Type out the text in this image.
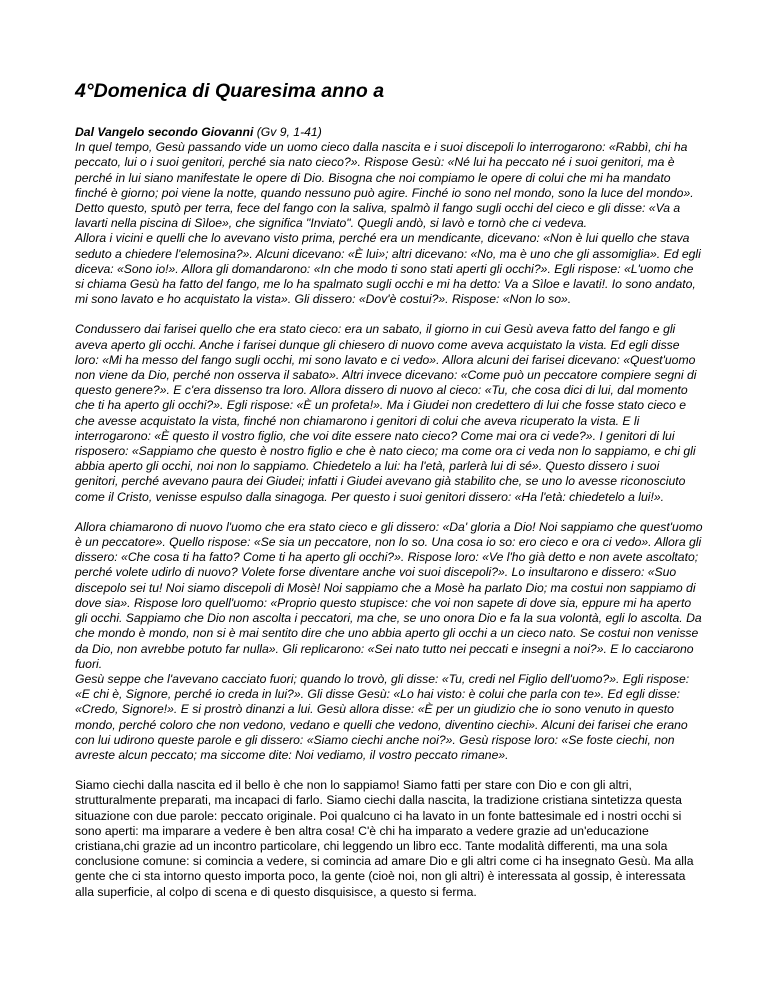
4°Domenica di Quaresima anno a
Dal Vangelo secondo Giovanni (Gv 9, 1-41)
In quel tempo, Gesù passando vide un uomo cieco dalla nascita e i suoi discepoli lo interrogarono: «Rabbì, chi ha peccato, lui o i suoi genitori, perché sia nato cieco?». Rispose Gesù: «Né lui ha peccato né i suoi genitori, ma è perché in lui siano manifestate le opere di Dio. Bisogna che noi compiamo le opere di colui che mi ha mandato finché è giorno; poi viene la notte, quando nessuno può agire. Finché io sono nel mondo, sono la luce del mondo».
Detto questo, sputò per terra, fece del fango con la saliva, spalmò il fango sugli occhi del cieco e gli disse: «Va a lavarti nella piscina di Sìloe», che significa "Inviato". Quegli andò, si lavò e tornò che ci vedeva.
Allora i vicini e quelli che lo avevano visto prima, perché era un mendicante, dicevano: «Non è lui quello che stava seduto a chiedere l'elemosina?». Alcuni dicevano: «È lui»; altri dicevano: «No, ma è uno che gli assomiglia». Ed egli diceva: «Sono io!». Allora gli domandarono: «In che modo ti sono stati aperti gli occhi?». Egli rispose: «L'uomo che si chiama Gesù ha fatto del fango, me lo ha spalmato sugli occhi e mi ha detto: Va a Sìloe e lavati!. Io sono andato, mi sono lavato e ho acquistato la vista». Gli dissero: «Dov'è costui?». Rispose: «Non lo so».

Condussero dai farisei quello che era stato cieco: era un sabato, il giorno in cui Gesù aveva fatto del fango e gli aveva aperto gli occhi. Anche i farisei dunque gli chiesero di nuovo come aveva acquistato la vista. Ed egli disse loro: «Mi ha messo del fango sugli occhi, mi sono lavato e ci vedo». Allora alcuni dei farisei dicevano: «Quest'uomo non viene da Dio, perché non osserva il sabato». Altri invece dicevano: «Come può un peccatore compiere segni di questo genere?». E c'era dissenso tra loro. Allora dissero di nuovo al cieco: «Tu, che cosa dici di lui, dal momento che ti ha aperto gli occhi?». Egli rispose: «È un profeta!». Ma i Giudei non credettero di lui che fosse stato cieco e che avesse acquistato la vista, finché non chiamarono i genitori di colui che aveva ricuperato la vista. E li interrogarono: «È questo il vostro figlio, che voi dite essere nato cieco? Come mai ora ci vede?». I genitori di lui risposero: «Sappiamo che questo è nostro figlio e che è nato cieco; ma come ora ci veda non lo sappiamo, e chi gli abbia aperto gli occhi, noi non lo sappiamo. Chiedetelo a lui: ha l'età, parlerà lui di sé». Questo dissero i suoi genitori, perché avevano paura dei Giudei; infatti i Giudei avevano già stabilito che, se uno lo avesse riconosciuto come il Cristo, venisse espulso dalla sinagoga. Per questo i suoi genitori dissero: «Ha l'età: chiedetelo a lui!».

Allora chiamarono di nuovo l'uomo che era stato cieco e gli dissero: «Da' gloria a Dio! Noi sappiamo che quest'uomo è un peccatore». Quello rispose: «Se sia un peccatore, non lo so. Una cosa io so: ero cieco e ora ci vedo». Allora gli dissero: «Che cosa ti ha fatto? Come ti ha aperto gli occhi?». Rispose loro: «Ve l'ho già detto e non avete ascoltato; perché volete udirlo di nuovo? Volete forse diventare anche voi suoi discepoli?». Lo insultarono e dissero: «Suo discepolo sei tu! Noi siamo discepoli di Mosè! Noi sappiamo che a Mosè ha parlato Dio; ma costui non sappiamo di dove sia». Rispose loro quell'uomo: «Proprio questo stupisce: che voi non sapete di dove sia, eppure mi ha aperto gli occhi. Sappiamo che Dio non ascolta i peccatori, ma che, se uno onora Dio e fa la sua volontà, egli lo ascolta. Da che mondo è mondo, non si è mai sentito dire che uno abbia aperto gli occhi a un cieco nato. Se costui non venisse da Dio, non avrebbe potuto far nulla». Gli replicarono: «Sei nato tutto nei peccati e insegni a noi?». E lo cacciarono fuori.
Gesù seppe che l'avevano cacciato fuori; quando lo trovò, gli disse: «Tu, credi nel Figlio dell'uomo?». Egli rispose: «E chi è, Signore, perché io creda in lui?». Gli disse Gesù: «Lo hai visto: è colui che parla con te». Ed egli disse: «Credo, Signore!». E si prostrò dinanzi a lui. Gesù allora disse: «È per un giudizio che io sono venuto in questo mondo, perché coloro che non vedono, vedano e quelli che vedono, diventino ciechi». Alcuni dei farisei che erano con lui udirono queste parole e gli dissero: «Siamo ciechi anche noi?». Gesù rispose loro: «Se foste ciechi, non avreste alcun peccato; ma siccome dite: Noi vediamo, il vostro peccato rimane».

Siamo ciechi dalla nascita ed il bello è che non lo sappiamo! Siamo fatti per stare con Dio e con gli altri, strutturalmente preparati, ma incapaci di farlo. Siamo ciechi dalla nascita, la tradizione cristiana sintetizza questa situazione con due parole: peccato originale. Poi qualcuno ci ha lavato in un fonte battesimale ed i nostri occhi si sono aperti: ma imparare a vedere è ben altra cosa! C'è chi ha imparato a vedere grazie ad un'educazione cristiana,chi grazie ad un incontro particolare, chi leggendo un libro ecc. Tante modalità differenti, ma una sola conclusione comune: si comincia a vedere, si comincia ad amare Dio e gli altri come ci ha insegnato Gesù. Ma alla gente che ci sta intorno questo importa poco, la gente (cioè noi, non gli altri) è interessata al gossip, è interessata alla superficie, al colpo di scena e di questo disquisisce, a questo si ferma.
